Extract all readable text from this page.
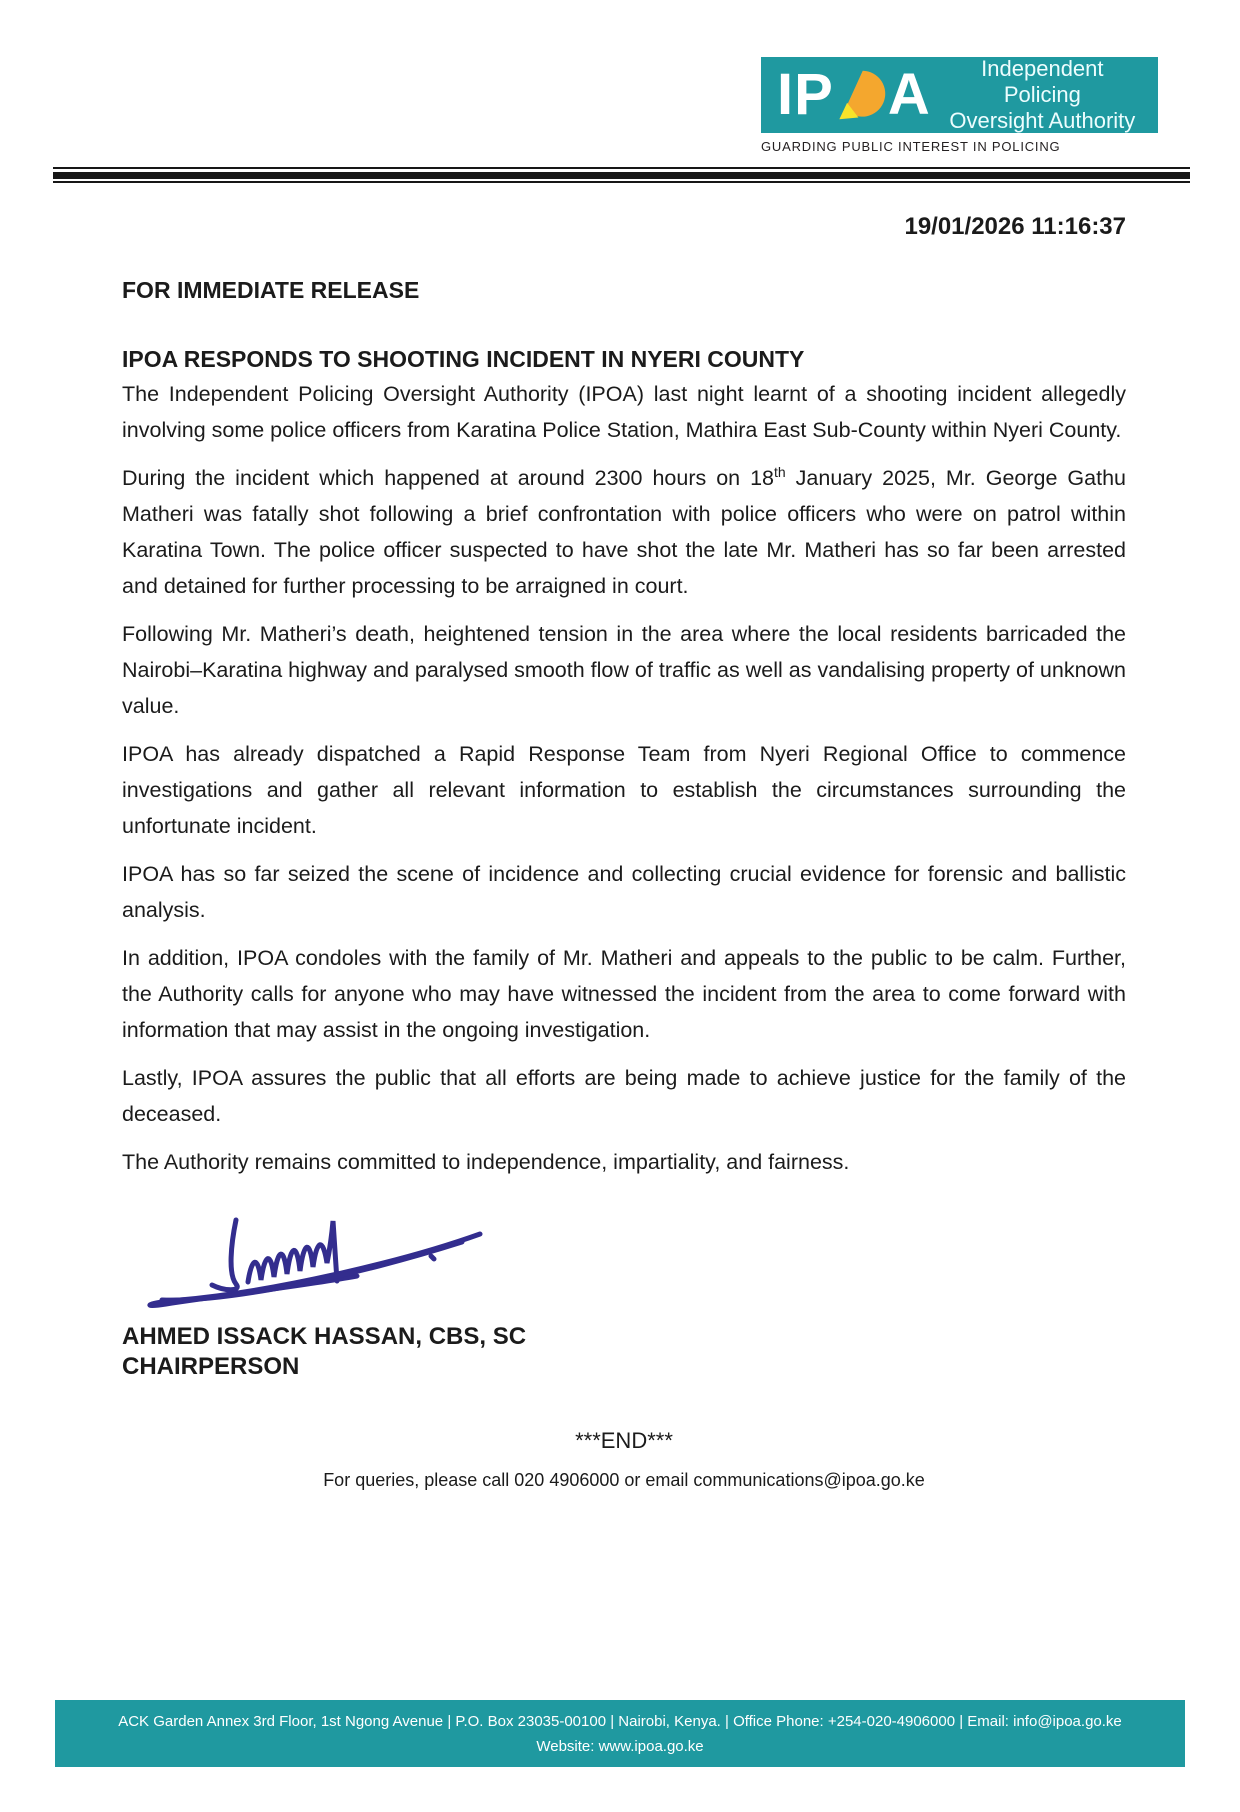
I P A	Independent Policing
Oversight Authority
GUARDING PUBLIC INTEREST IN POLICING
19/01/2026 11:16:37
FOR IMMEDIATE RELEASE
IPOA RESPONDS TO SHOOTING INCIDENT IN NYERI COUNTY

The Independent Policing Oversight Authority (IPOA) last night learnt of a shooting incident allegedly involving some police officers from Karatina Police Station, Mathira East Sub-County within Nyeri County.

During the incident which happened at around 2300 hours on 18th January 2025, Mr. George Gathu Matheri was fatally shot following a brief confrontation with police officers who were on patrol within Karatina Town. The police officer suspected to have shot the late Mr. Matheri has so far been arrested and detained for further processing to be arraigned in court.

Following Mr. Matheri’s death, heightened tension in the area where the local residents barricaded the Nairobi–Karatina highway and paralysed smooth flow of traffic as well as vandalising property of unknown value.

IPOA has already dispatched a Rapid Response Team from Nyeri Regional Office to commence investigations and gather all relevant information to establish the circumstances surrounding the unfortunate incident.

IPOA has so far seized the scene of incidence and collecting crucial evidence for forensic and ballistic analysis.

In addition, IPOA condoles with the family of Mr. Matheri and appeals to the public to be calm. Further, the Authority calls for anyone who may have witnessed the incident from the area to come forward with information that may assist in the ongoing investigation.

Lastly, IPOA assures the public that all efforts are being made to achieve justice for the family of the deceased.

The Authority remains committed to independence, impartiality, and fairness.

AHMED ISSACK HASSAN, CBS, SC
CHAIRPERSON
***END***
For queries, please call 020 4906000 or email communications@ipoa.go.ke
ACK Garden Annex 3rd Floor, 1st Ngong Avenue | P.O. Box 23035-00100 | Nairobi, Kenya. | Office Phone: +254-020-4906000 | Email: info@ipoa.go.ke
Website: www.ipoa.go.ke
